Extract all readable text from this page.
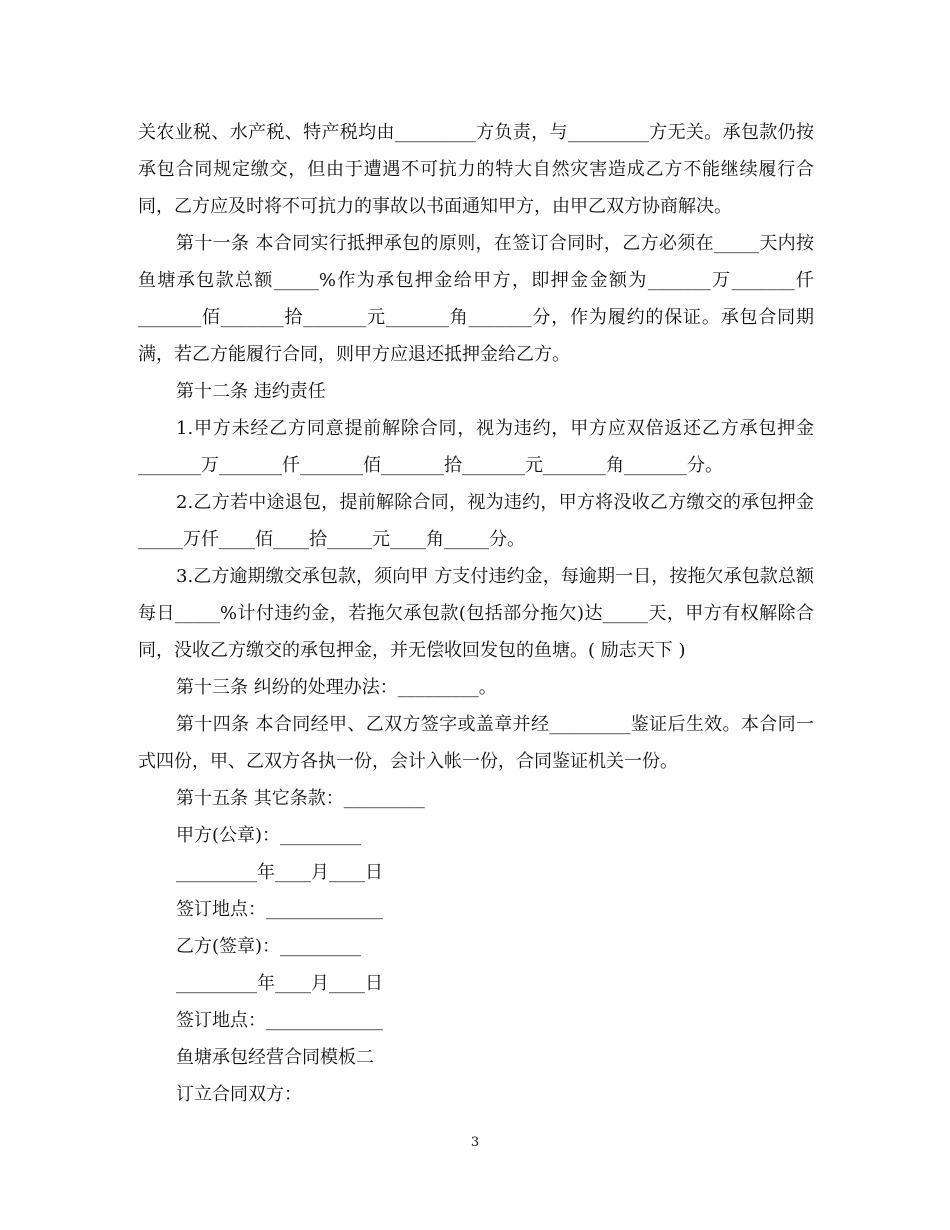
关农业税、水产税、特产税均由_________方负责，与_________方无关。承包款仍按承包合同规定缴交，但由于遭遇不可抗力的特大自然灾害造成乙方不能继续履行合同，乙方应及时将不可抗力的事故以书面通知甲方，由甲乙双方协商解决。

第十一条 本合同实行抵押承包的原则，在签订合同时，乙方必须在_____天内按鱼塘承包款总额_____%作为承包押金给甲方，即押金金额为_______万_______仟_______佰_______拾_______元_______角_______分，作为履约的保证。承包合同期满，若乙方能履行合同，则甲方应退还抵押金给乙方。

第十二条 违约责任

1.甲方未经乙方同意提前解除合同，视为违约，甲方应双倍返还乙方承包押金_______万_______仟_______佰_______拾_______元_______角_______分。

2.乙方若中途退包，提前解除合同，视为违约，甲方将没收乙方缴交的承包押金_____万仟____佰____拾_____元____角_____分。

3.乙方逾期缴交承包款，须向甲 方支付违约金，每逾期一日，按拖欠承包款总额每日_____%计付违约金，若拖欠承包款(包括部分拖欠)达_____天，甲方有权解除合同，没收乙方缴交的承包押金，并无偿收回发包的鱼塘。( 励志天下 )

第十三条 纠纷的处理办法：_________。

第十四条 本合同经甲、乙双方签字或盖章并经_________鉴证后生效。本合同一式四份，甲、乙双方各执一份，会计入帐一份，合同鉴证机关一份。

第十五条 其它条款：_________

甲方(公章)：_________

_________年____月____日

签订地点：_____________

乙方(签章)：_________

_________年____月____日

签订地点：_____________

鱼塘承包经营合同模板二

订立合同双方：

3
